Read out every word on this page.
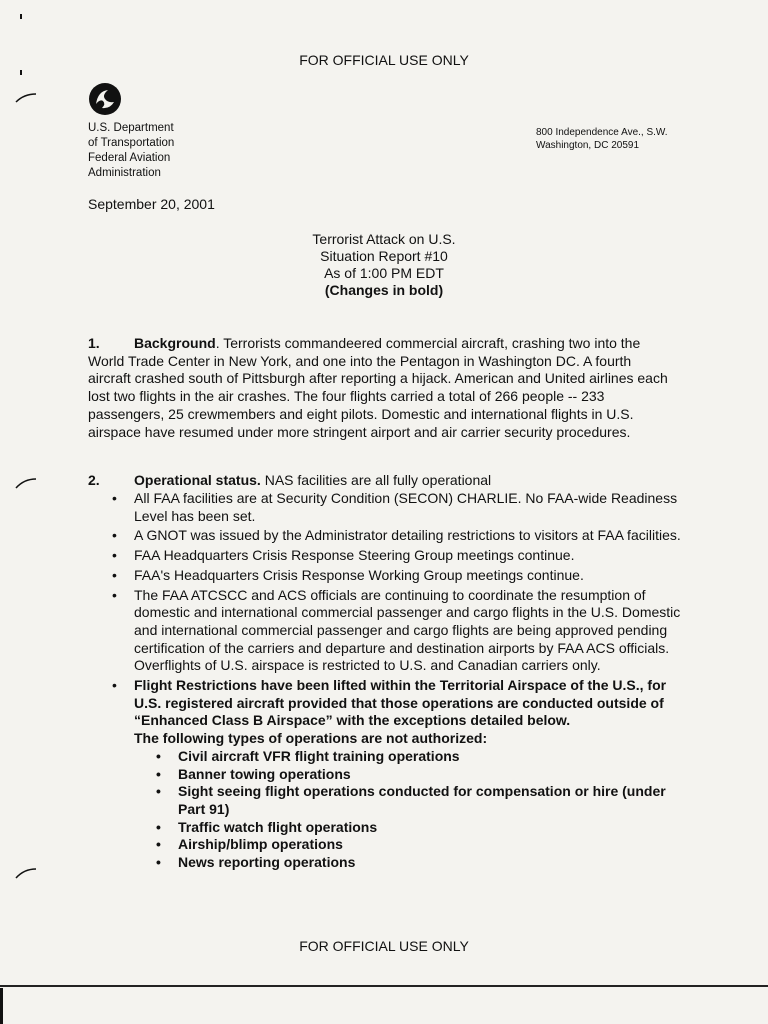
FOR OFFICIAL USE ONLY
U.S. Department
of Transportation
Federal Aviation
Administration
800 Independence Ave., S.W.
Washington, DC 20591
September 20, 2001
Terrorist Attack on U.S.
Situation Report #10
As of 1:00 PM EDT
(Changes in bold)
1. Background. Terrorists commandeered commercial aircraft, crashing two into the World Trade Center in New York, and one into the Pentagon in Washington DC. A fourth aircraft crashed south of Pittsburgh after reporting a hijack. American and United airlines each lost two flights in the air crashes. The four flights carried a total of 266 people -- 233 passengers, 25 crewmembers and eight pilots. Domestic and international flights in U.S. airspace have resumed under more stringent airport and air carrier security procedures.
2. Operational status. NAS facilities are all fully operational
• All FAA facilities are at Security Condition (SECON) CHARLIE. No FAA-wide Readiness Level has been set.
• A GNOT was issued by the Administrator detailing restrictions to visitors at FAA facilities.
• FAA Headquarters Crisis Response Steering Group meetings continue.
• FAA's Headquarters Crisis Response Working Group meetings continue.
• The FAA ATCSCC and ACS officials are continuing to coordinate the resumption of domestic and international commercial passenger and cargo flights in the U.S. Domestic and international commercial passenger and cargo flights are being approved pending certification of the carriers and departure and destination airports by FAA ACS officials. Overflights of U.S. airspace is restricted to U.S. and Canadian carriers only.
• Flight Restrictions have been lifted within the Territorial Airspace of the U.S., for U.S. registered aircraft provided that those operations are conducted outside of “Enhanced Class B Airspace” with the exceptions detailed below.
The following types of operations are not authorized:
• Civil aircraft VFR flight training operations
• Banner towing operations
• Sight seeing flight operations conducted for compensation or hire (under Part 91)
• Traffic watch flight operations
• Airship/blimp operations
• News reporting operations
FOR OFFICIAL USE ONLY
